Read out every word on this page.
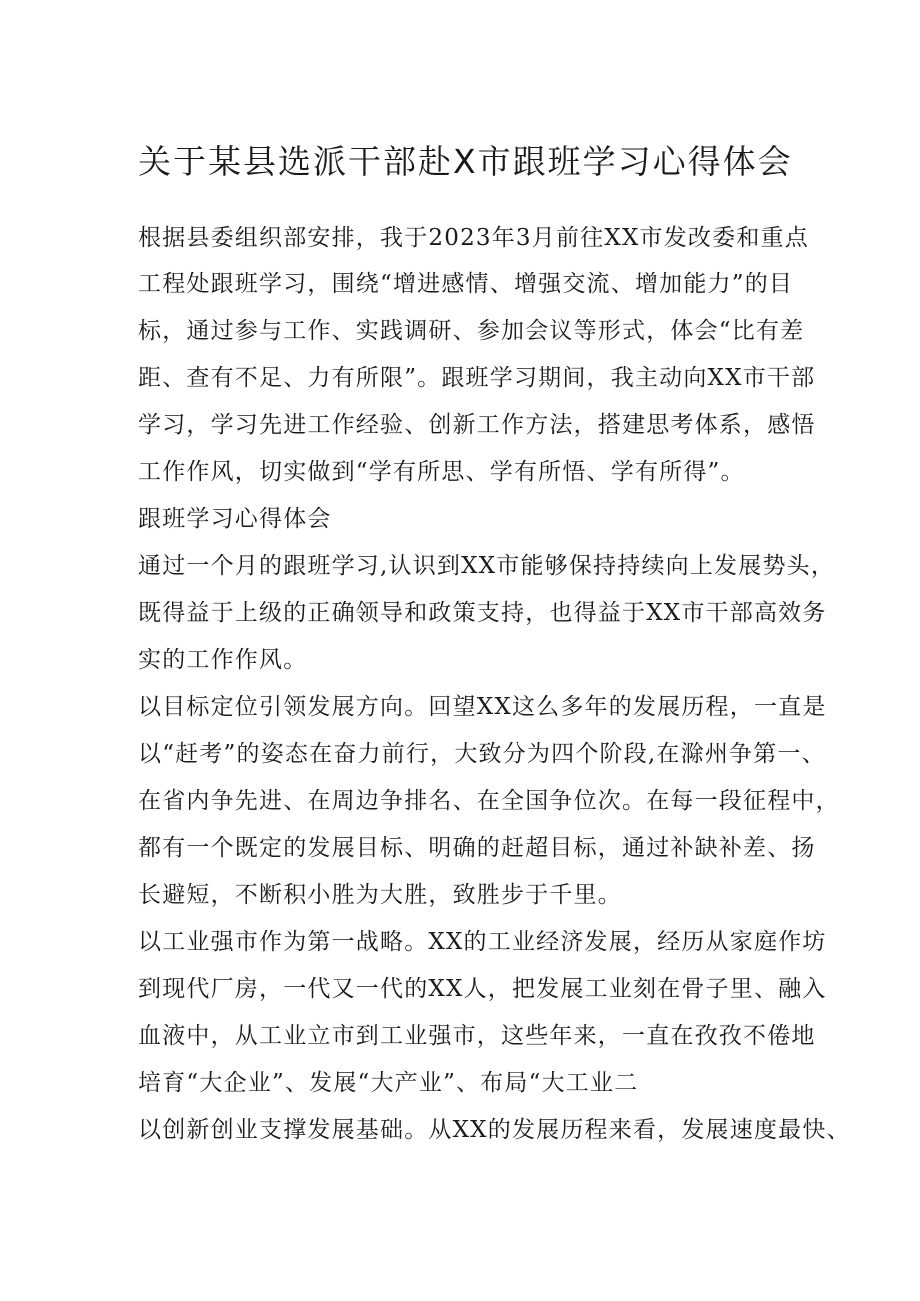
关于某县选派干部赴X市跟班学习心得体会
根据县委组织部安排，我于2023年3月前往XX市发改委和重点
工程处跟班学习，围绕“增进感情、增强交流、增加能力”的目
标，通过参与工作、实践调研、参加会议等形式，体会“比有差
距、查有不足、力有所限”。跟班学习期间，我主动向XX市干部
学习，学习先进工作经验、创新工作方法，搭建思考体系，感悟
工作作风，切实做到“学有所思、学有所悟、学有所得”。
跟班学习心得体会
通过一个月的跟班学习,认识到XX市能够保持持续向上发展势头，
既得益于上级的正确领导和政策支持，也得益于XX市干部高效务
实的工作作风。
以目标定位引领发展方向。回望XX这么多年的发展历程，一直是
以“赶考”的姿态在奋力前行，大致分为四个阶段,在滁州争第一、
在省内争先进、在周边争排名、在全国争位次。在每一段征程中，
都有一个既定的发展目标、明确的赶超目标，通过补缺补差、扬
长避短，不断积小胜为大胜，致胜步于千里。
以工业强市作为第一战略。XX的工业经济发展，经历从家庭作坊
到现代厂房，一代又一代的XX人，把发展工业刻在骨子里、融入
血液中，从工业立市到工业强市，这些年来，一直在孜孜不倦地
培育“大企业”、发展“大产业”、布局“大工业二
以创新创业支撑发展基础。从XX的发展历程来看，发展速度最快、
